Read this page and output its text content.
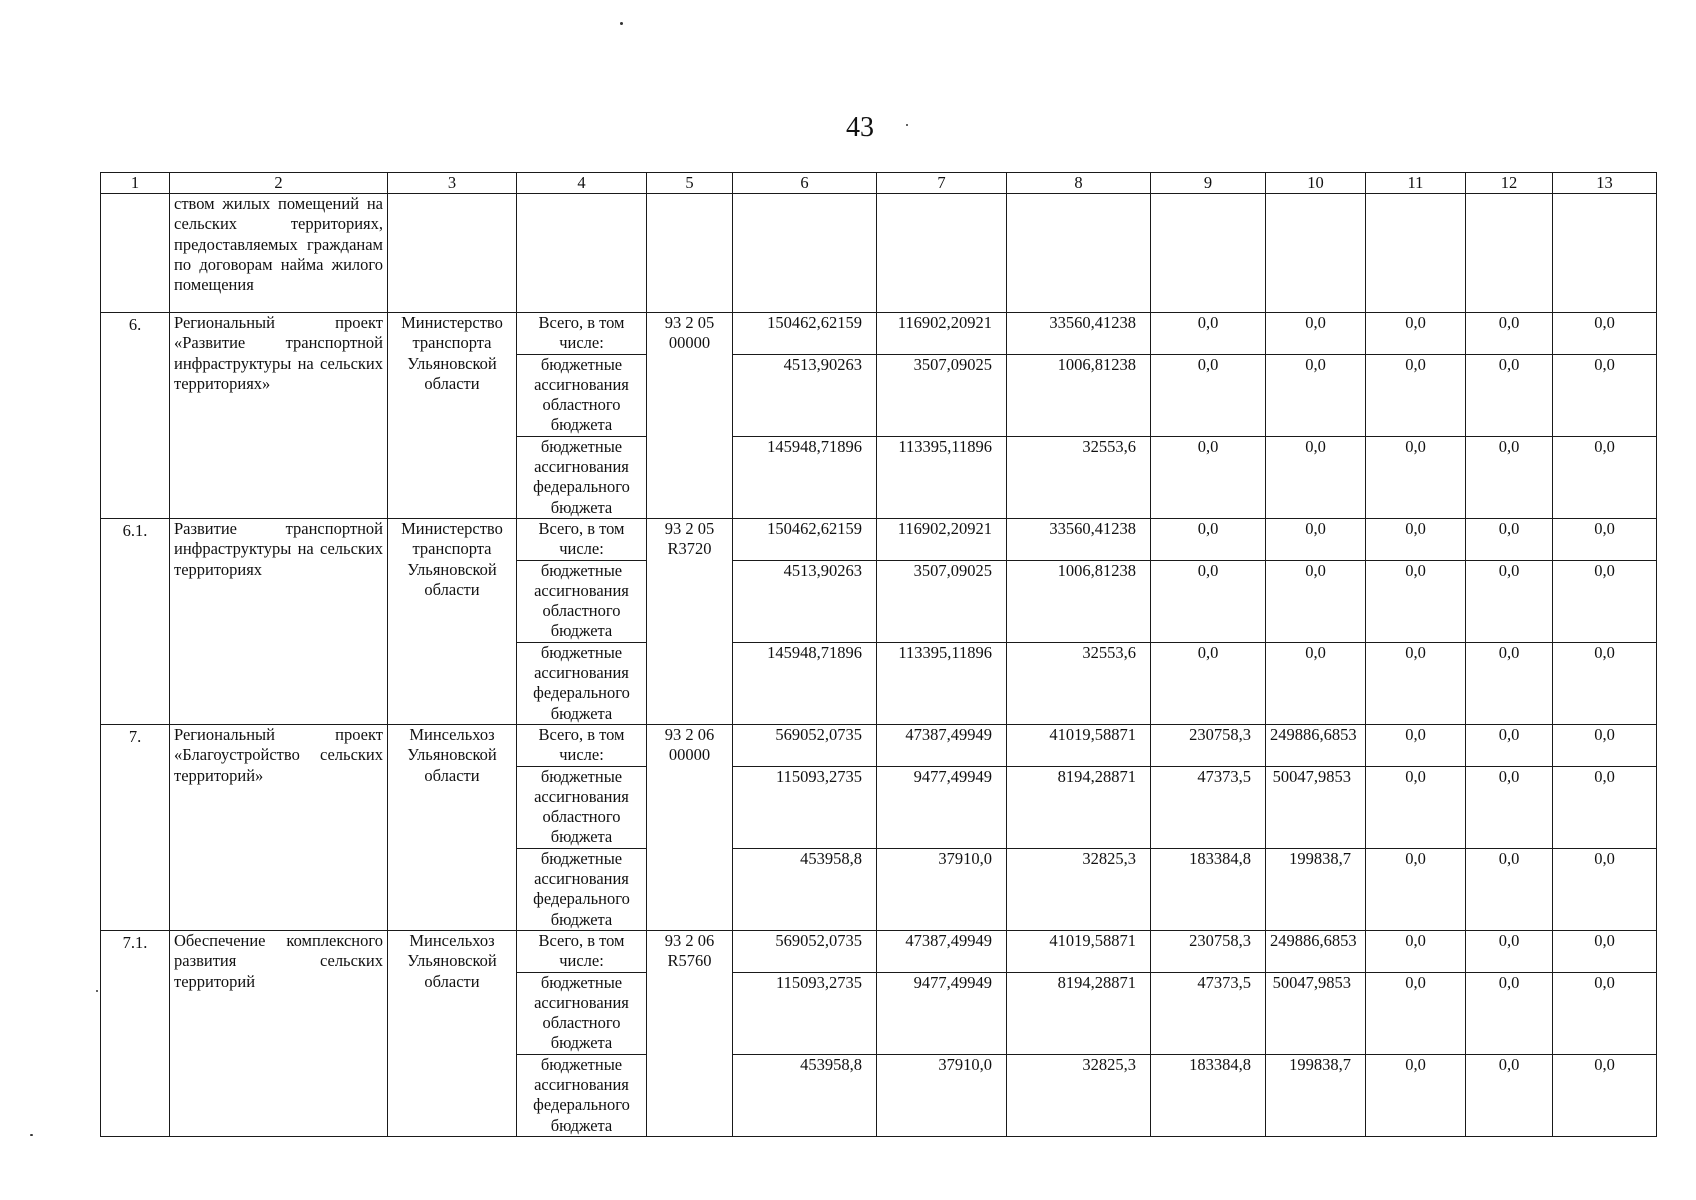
43
1	2	3	4	5	6	7	8	9	10	11	12	13
	ством жилых помещений на сельских территориях, предоставляемых гражданам по договорам найма жилого помещения											
6.	Региональный проект «Развитие транспортной инфраструктуры на сельских территориях»	Министерство транспорта Ульяновской области	Всего, в том числе:	93 2 05 00000	150462,62159	116902,20921	33560,41238	0,0	0,0	0,0	0,0	0,0
			бюджетные ассигнования областного бюджета		4513,90263	3507,09025	1006,81238	0,0	0,0	0,0	0,0	0,0
			бюджетные ассигнования федерального бюджета		145948,71896	113395,11896	32553,6	0,0	0,0	0,0	0,0	0,0
6.1.	Развитие транспортной инфраструктуры на сельских территориях	Министерство транспорта Ульяновской области	Всего, в том числе:	93 2 05 R3720	150462,62159	116902,20921	33560,41238	0,0	0,0	0,0	0,0	0,0
			бюджетные ассигнования областного бюджета		4513,90263	3507,09025	1006,81238	0,0	0,0	0,0	0,0	0,0
			бюджетные ассигнования федерального бюджета		145948,71896	113395,11896	32553,6	0,0	0,0	0,0	0,0	0,0
7.	Региональный проект «Благоустройство сельских территорий»	Минсельхоз Ульяновской области	Всего, в том числе:	93 2 06 00000	569052,0735	47387,49949	41019,58871	230758,3	249886,6853	0,0	0,0	0,0
			бюджетные ассигнования областного бюджета		115093,2735	9477,49949	8194,28871	47373,5	50047,9853	0,0	0,0	0,0
			бюджетные ассигнования федерального бюджета		453958,8	37910,0	32825,3	183384,8	199838,7	0,0	0,0	0,0
7.1.	Обеспечение комплексного развития сельских территорий	Минсельхоз Ульяновской области	Всего, в том числе:	93 2 06 R5760	569052,0735	47387,49949	41019,58871	230758,3	249886,6853	0,0	0,0	0,0
			бюджетные ассигнования областного бюджета		115093,2735	9477,49949	8194,28871	47373,5	50047,9853	0,0	0,0	0,0
			бюджетные ассигнования федерального бюджета		453958,8	37910,0	32825,3	183384,8	199838,7	0,0	0,0	0,0
